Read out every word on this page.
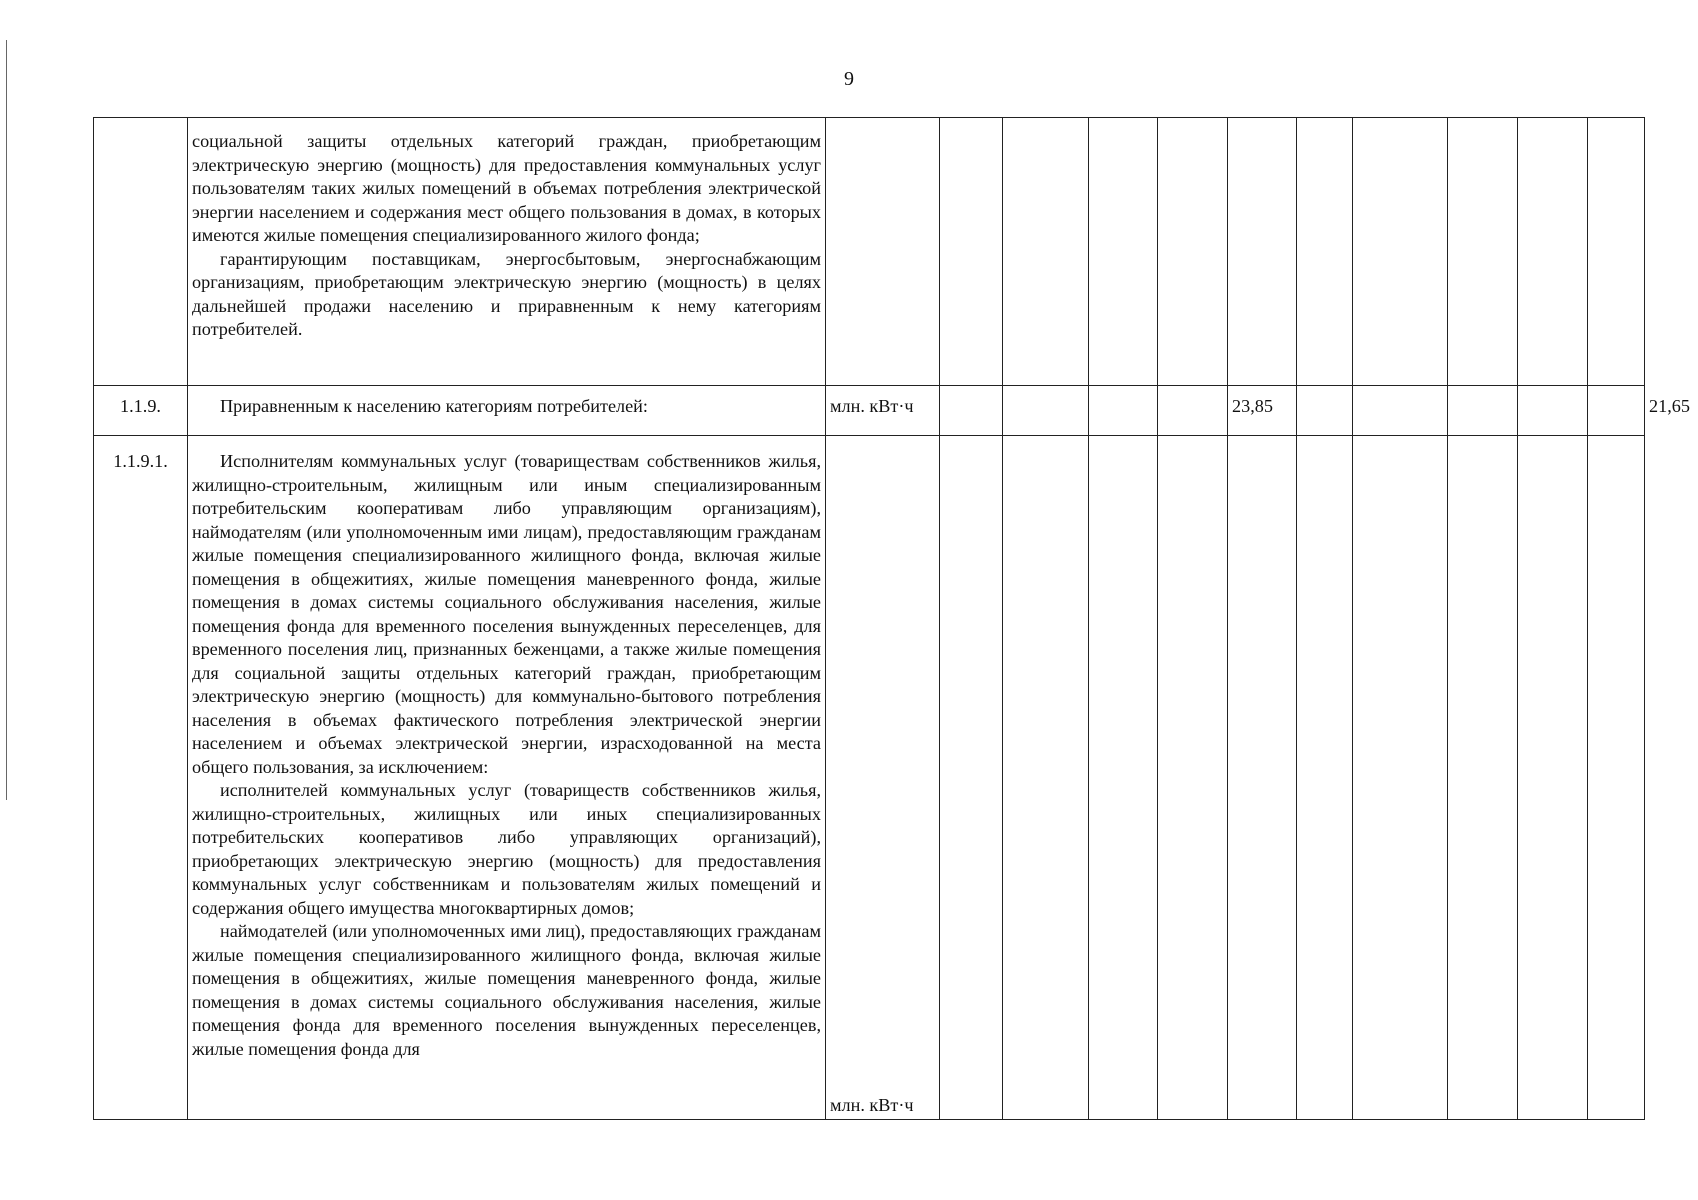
9

	социальной защиты отдельных категорий граждан, приобретающим электрическую энергию (мощность) для предоставления коммунальных услуг пользователям таких жилых помещений в объемах потребления электрической энергии населением и содержания мест общего пользования в домах, в которых имеются жилые помещения специализированного жилого фонда;

гарантирующим поставщикам, энергосбытовым, энергоснабжающим организациям, приобретающим электрическую энергию (мощность) в целях дальнейшей продажи населению и приравненным к нему категориям потребителей.												

1.1.9.	Приравненным к населению категориям потребителей:	млн. кВт·ч					23,85						21,65
1.1.9.1.	Исполнителям коммунальных услуг (товариществам собственников жилья, жилищно-строительным, жилищным или иным специализированным потребительским кооперативам либо управляющим организациям), наймодателям (или уполномоченным ими лицам), предоставляющим гражданам жилые помещения специализированного жилищного фонда, включая жилые помещения в общежитиях, жилые помещения маневренного фонда, жилые помещения в домах системы социального обслуживания населения, жилые помещения фонда для временного поселения вынужденных переселенцев, для временного поселения лиц, признанных беженцами, а также жилые помещения для социальной защиты отдельных категорий граждан, приобретающим электрическую энергию (мощность) для коммунально-бытового потребления населения в объемах фактического потребления электрической энергии населением и объемах электрической энергии, израсходованной на места общего пользования, за исключением:

исполнителей коммунальных услуг (товариществ собственников жилья, жилищно-строительных, жилищных или иных специализированных потребительских кооперативов либо управляющих организаций), приобретающих электрическую энергию (мощность) для предоставления коммунальных услуг собственникам и пользователям жилых помещений и содержания общего имущества многоквартирных домов;

наймодателей (или уполномоченных ими лиц), предоставляющих гражданам жилые помещения специализированного жилищного фонда, включая жилые помещения в общежитиях, жилые помещения маневренного фонда, жилые помещения в домах системы социального обслуживания населения, жилые помещения фонда для временного поселения вынужденных переселенцев, жилые помещения фонда для	млн. кВт·ч											
